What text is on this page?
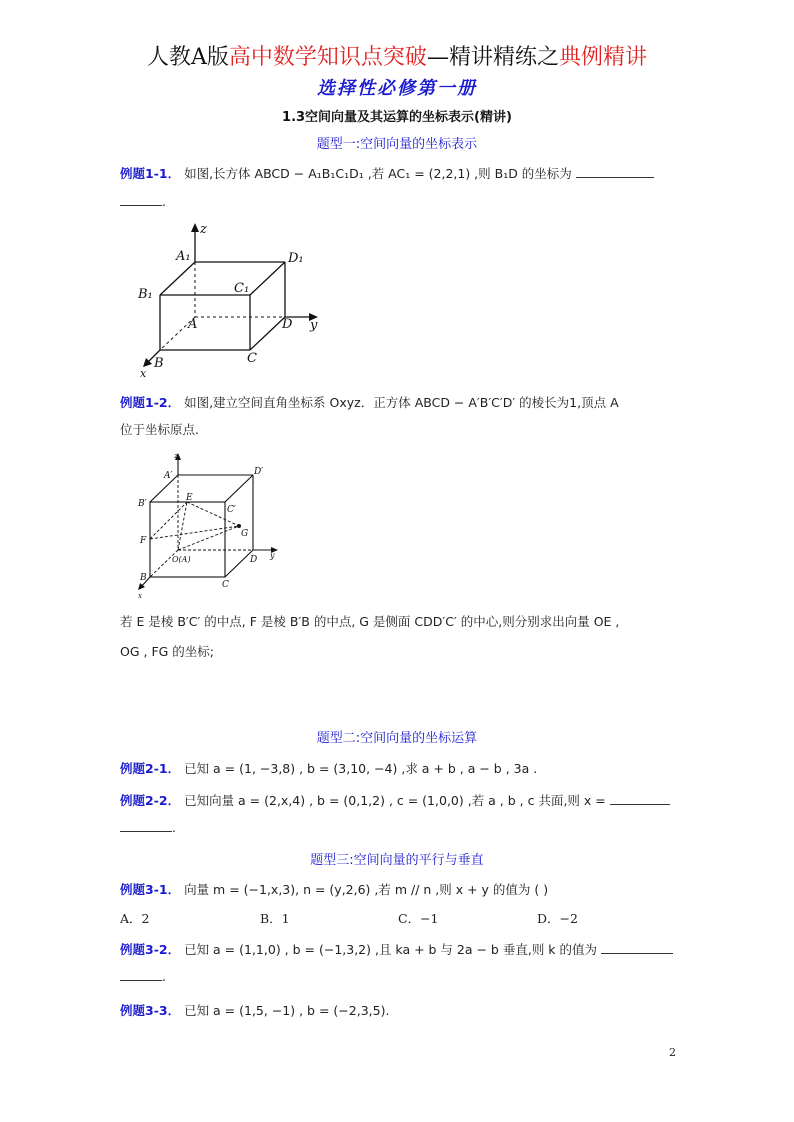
人教A版高中数学知识点突破—精讲精练之典例精讲
选择性必修第一册
1.3空间向量及其运算的坐标表示(精讲)
题型一:空间向量的坐标表示
例题1-1． 如图,长方体 ABCD − A₁B₁C₁D₁ ,若 AC₁ = (2,2,1) ,则 B₁D 的坐标为
.
z
A₁	D₁
B₁	C₁
A	D y
B	C
x
例题1-2． 如图,建立空间直角坐标系 Oxyz．正方体 ABCD − A′B′C′D′ 的棱长为1,顶点 A
位于坐标原点.
z
A′	D′
B′
E
C′
G
F
O(A)	D y
B
C
x
若 E 是棱 B′C′ 的中点, F 是棱 B′B 的中点, G 是侧面 CDD′C′ 的中心,则分别求出向量 OE ,
OG , FG 的坐标;
题型二:空间向量的坐标运算
例题2-1． 已知 a = (1, −3,8) , b = (3,10, −4) ,求 a + b , a − b , 3a .
例题2-2． 已知向量 a = (2,x,4) , b = (0,1,2) , c = (1,0,0) ,若 a , b , c 共面,则 x =
.
题型三:空间向量的平行与垂直
例题3-1． 向量 m = (−1,x,3), n = (y,2,6) ,若 m // n ,则 x + y 的值为 ( )
A．2	B．1	C．−1	D．−2
例题3-2． 已知 a = (1,1,0) , b = (−1,3,2) ,且 ka + b 与 2a − b 垂直,则 k 的值为
.
例题3-3． 已知 a = (1,5, −1) , b = (−2,3,5).
2
